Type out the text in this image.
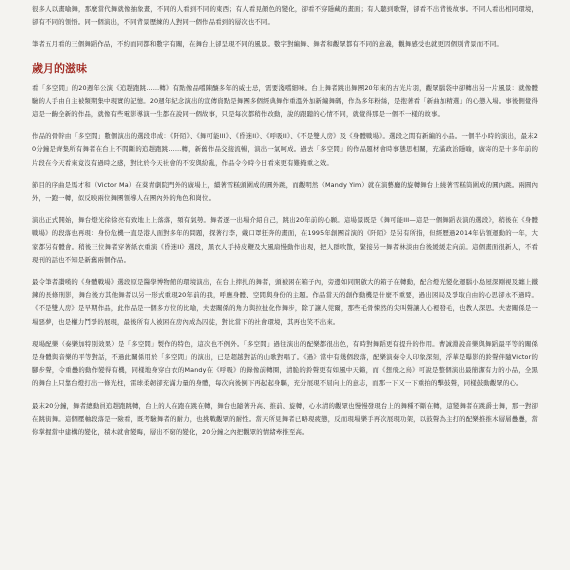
很多人以畫喻舞，那麼當代舞就像抽象畫，不同的人看到不同的東西；有人看見顏色的變化，卻看不穿隱藏的畫面；有人聽到歌聲，卻看不出背後故事。不同人看出相同環境，卻有不同的領悟。同一個演出，不同背景歷練的人對同一個作品看到的層次也不同。

筆者五月看的三個舞蹈作品，不約而同都和數字有關，在舞台上卻呈現不同的風景。數字對編舞、舞者和觀眾都有不同的意義，觀舞感受也就更因個別背景而不同。

歲月的滋味

看「多空間」的20週年公演《追趕跑跳……轉》有點像品嚐陳釀多年的威士忌，需要淺嚐細味。台上舞者跳出舞團20年來的古光片羽，觀眾腦袋中卻轉出另一片風景：就像體驗的人手由自主被類期集中現實的記憶。20週年紀念演出的宣傳資點是舞團多個經典舞作重溫外加新編舞碼，作為多年粉絲，是抱著看「新曲加精選」的心態入場。事後側覺得這是一齣全新的作品，就像有些電影導演一生都在說同一個故事，只是每次都稍作改動，說的跟聽的心情不同，就覺得那是一個不一樣的故事。

作品的骨幹由「多空間」數個演出的選段串成：《阡陌》、《舞可能III》、《昏迷II》、《呼吸II》、《不是雙人房》及《身體戰場》。選段之間有新編的小品。一個半小時的演出，最末20分鐘是齊集所有舞者在台上不間斷的追趕跑跳……轉，新舊作品交接流暢，演出一氣呵成。過去「多空間」的作品題材會時事態思相關，充滿政治隱喻，廣寄的是十多年前的片段在今天看來竟沒有過時之感，對比於今天社會的不安與紛亂，作品令今時今日看來更有難掩重之效。

節目的序曲是馬才和（Victor Ma）在葵青劇院門外的廣場上，續著雪糕頭圍成的圓外跳，而觀明然（Mandy Yim）就在演藝廳的旋轉舞台上繞著雪糕筒圍成的圓內跳。兩圓內外，一跑一轉，似反映兩位舞團領導人在團內外的角色和崗位。

演出正式開始，舞台燈光徐徐亮有致地上上落落，頻有氣勢。舞者逐一出場介紹自己，跳出20年前的心願。這場景既是《舞可能III—這是一個舞蹈表演的選段》，稍後在《身體戰場》的段落也再現：身份危機一直是港人面對多年的問題，探著行李，戴口罩狂奔的畫面，在1995年創團首演的《阡陌》是另有所指，但經歷過2014年佔領運動的一年，大家都另有體會。稍後三位舞者穿著紙衣重演《昏迷II》選段，黑衣人手持皮鞭及大風扇慢動作出現，把人群吹散，緊接另一舞者林淡由台後緩緩走向前。這個畫面很新人，不看現刊的話也不知是新舊兩個作品。

最令筆者讚嘆的《身體戰場》選段原是醫學博物館的環境演出，在台上摔扎的舞者，頭被困在箱子內，旁邊如同開啟大的箱子在轉動，配合燈光變化運腦小島屋深剛視及纏上鐵鍊的長條刑影，舞台後方其他舞者以另一形式重現20年前的我，呼應身體、空間與身份的主題。作品當天的創作動機是什麼不重要，過出困局及爭取自由的心思卻永不過時。《不是雙人房》是早期作品，此作品是一個多方位的比喻，夫妻關係的角力與拉扯化作舞步，除了讓人莞爾，那些毛骨悚然的尖叫聲讓人心裡發毛，也教人深思。夫妻關係是一場惡夢，也是權力鬥爭的展現，最後所有人被困在房內成為囚徒，對比當下的社會環境，其再也笑不出來。

現場配樂（奏樂加特別效果）是「多空間」製作的特色，這次也不例外。「多空間」過往演出的配樂都很出色，有時對舞蹈更有提升的作用。曹誠淵說音樂與舞蹈最平等的關係是身體與音樂的平等對話，不過此關係用於「多空間」的演出，已是超越對話的山歌對唱了。《過》當中有幾個段落，配樂演奏令人印象深刻，浮華是曝影的鈴聲伴隨Victor的腳步聲，令重疊的動作變得有機，同樣地身穿白衣的Mandy在《呼吸》的錄像前轉圈，清脆的鈴聲更有如風中天籟，而《想飛之鳥》可說是整個演出最簡潔有力的小品，全黑的舞台上只靠台燈打出一條光柱，雷球柔韌卻充滿力量的身體，每次向後倒下再起起身驅，充分展現不屈向上的意志，而那一下又一下重拍的擊鼓聲，同樣鼓動觀眾的心。

最末20分鐘，舞者總動員追趕跑跳轉，台上的人在跑在跳在轉，舞台也隨著升高、推前、旋轉，心水清的觀眾也慢慢發現台上的舞種不斷在轉，這變舞者在跳爵士舞，那一對卻在跳街舞。這個壓軸段落是一險看，既考驗舞者的耐力，也挑戰觀眾的耐性。當天所見舞者已略現疲態，反而現場樂手再次展現功架，以鼓聲為主打的配樂推推木層層疊疊，當你掌握當中建構的變化，積木就會變晦，層出不窮的變化，20分鐘之內把觀眾的情緒牽推至高。
